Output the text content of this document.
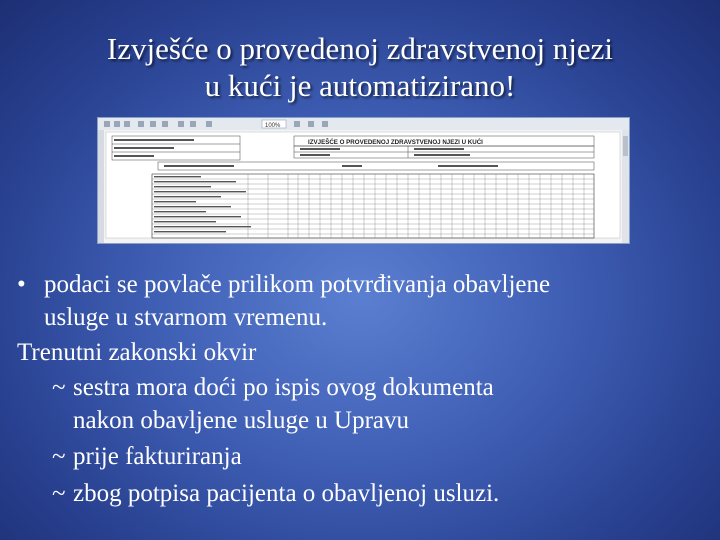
Izvješće o provedenoj zdravstvenoj njezi
u kući je automatizirano!
100%
IZVJEŠĆE O PROVEDENOJ ZDRAVSTVENOJ NJEZI U KUĆI
• podaci se povlače prilikom potvrđivanja obavljene
usluge u stvarnom vremenu.
Trenutni zakonski okvir
~ sestra mora doći po ispis ovog dokumenta
nakon obavljene usluge u Upravu
~ prije fakturiranja
~ zbog potpisa pacijenta o obavljenoj usluzi.
